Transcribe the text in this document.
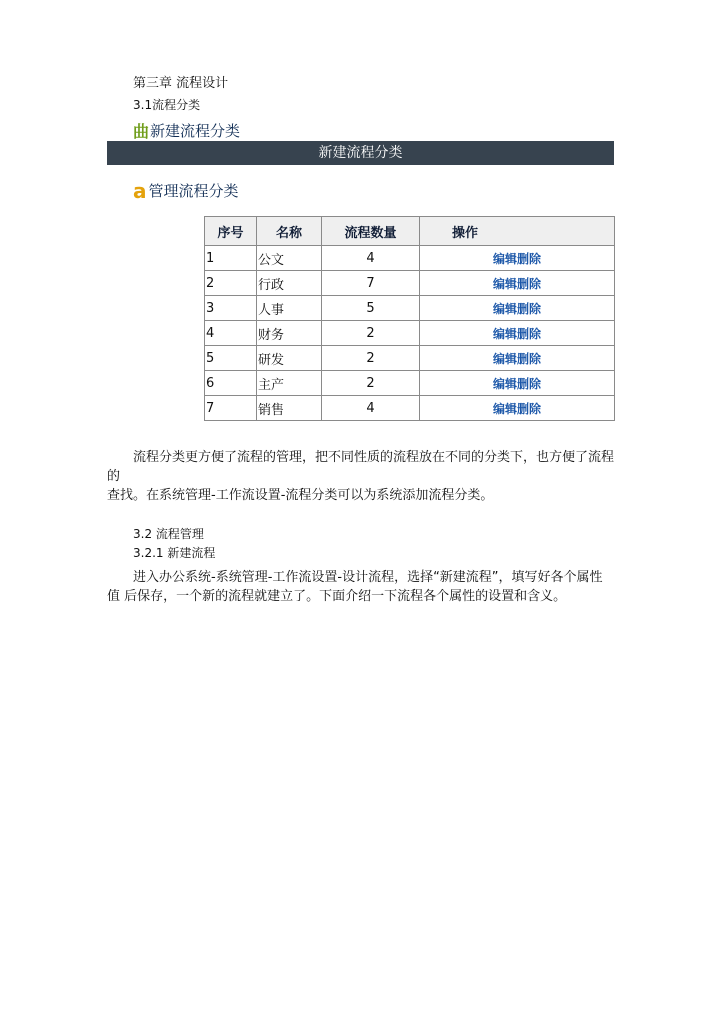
第三章 流程设计
3.1流程分类
曲 新建流程分类
新建流程分类
a 管理流程分类
序号	名称	流程数量	操作
1	公文	4	编辑删除
2	行政	7	编辑删除
3	人事	5	编辑删除
4	财务	2	编辑删除
5	研发	2	编辑删除
6	主产	2	编辑删除
7	销售	4	编辑删除
流程分类更方便了流程的管理，把不同性质的流程放在不同的分类下，也方便了流程的
查找。在系统管理-工作流设置-流程分类可以为系统添加流程分类。
3.2 流程管理
3.2.1 新建流程
进入办公系统-系统管理-工作流设置-设计流程，选择“新建流程”，填写好各个属性值 后保存，一个新的流程就建立了。下面介绍一下流程各个属性的设置和含义。
